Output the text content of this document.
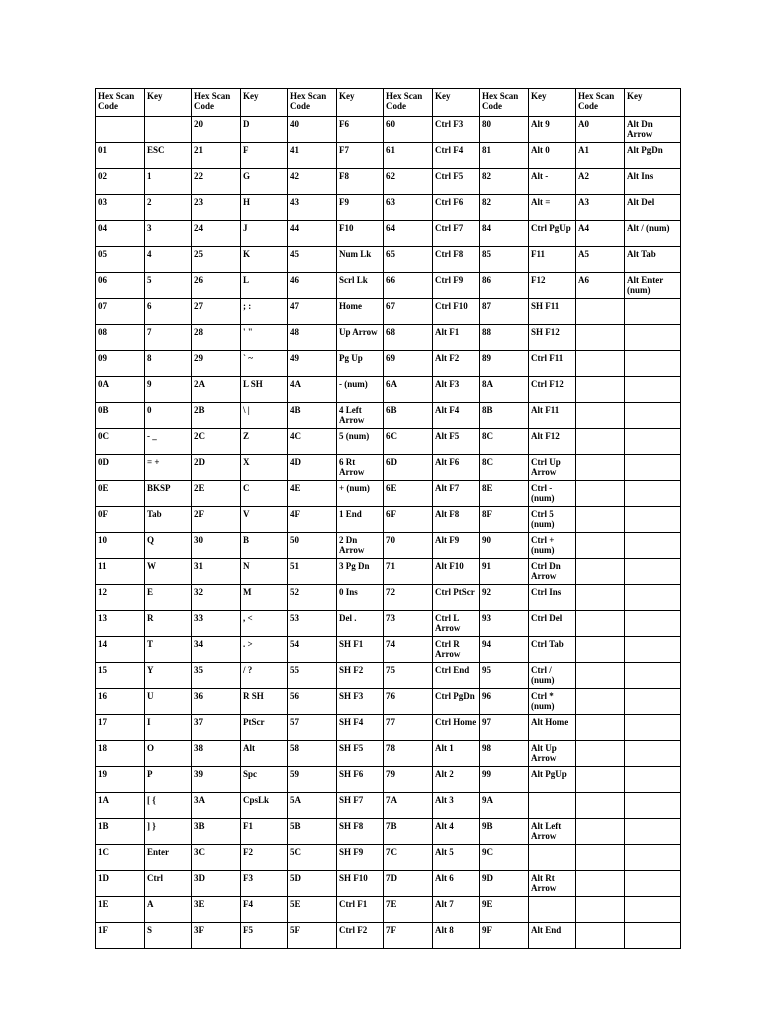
Hex Scan Code	Key	Hex Scan Code	Key	Hex Scan Code	Key	Hex Scan Code	Key	Hex Scan Code	Key	Hex Scan Code	Key
		20	D	40	F6	60	Ctrl F3	80	Alt 9	A0	Alt Dn Arrow
01	ESC	21	F	41	F7	61	Ctrl F4	81	Alt 0	A1	Alt PgDn
02	1	22	G	42	F8	62	Ctrl F5	82	Alt -	A2	Alt Ins
03	2	23	H	43	F9	63	Ctrl F6	82	Alt =	A3	Alt Del
04	3	24	J	44	F10	64	Ctrl F7	84	Ctrl PgUp	A4	Alt / (num)
05	4	25	K	45	Num Lk	65	Ctrl F8	85	F11	A5	Alt Tab
06	5	26	L	46	Scrl Lk	66	Ctrl F9	86	F12	A6	Alt Enter (num)
07	6	27	; :	47	Home	67	Ctrl F10	87	SH F11		
08	7	28	' "	48	Up Arrow	68	Alt F1	88	SH F12		
09	8	29	` ~	49	Pg Up	69	Alt F2	89	Ctrl F11		
0A	9	2A	L SH	4A	- (num)	6A	Alt F3	8A	Ctrl F12		
0B	0	2B	\ |	4B	4 Left Arrow	6B	Alt F4	8B	Alt F11		
0C	- _	2C	Z	4C	5 (num)	6C	Alt F5	8C	Alt F12		
0D	= +	2D	X	4D	6 Rt Arrow	6D	Alt F6	8C	Ctrl Up Arrow		
0E	BKSP	2E	C	4E	+ (num)	6E	Alt F7	8E	Ctrl - (num)		
0F	Tab	2F	V	4F	1 End	6F	Alt F8	8F	Ctrl 5 (num)		
10	Q	30	B	50	2 Dn Arrow	70	Alt F9	90	Ctrl + (num)		
11	W	31	N	51	3 Pg Dn	71	Alt F10	91	Ctrl Dn Arrow		
12	E	32	M	52	0 Ins	72	Ctrl PtScr	92	Ctrl Ins		
13	R	33	, <	53	Del .	73	Ctrl L Arrow	93	Ctrl Del		
14	T	34	. >	54	SH F1	74	Ctrl R Arrow	94	Ctrl Tab		
15	Y	35	/ ?	55	SH F2	75	Ctrl End	95	Ctrl / (num)		
16	U	36	R SH	56	SH F3	76	Ctrl PgDn	96	Ctrl * (num)		
17	I	37	PtScr	57	SH F4	77	Ctrl Home	97	Alt Home		
18	O	38	Alt	58	SH F5	78	Alt 1	98	Alt Up Arrow		
19	P	39	Spc	59	SH F6	79	Alt 2	99	Alt PgUp		
1A	[ {	3A	CpsLk	5A	SH F7	7A	Alt 3	9A			
1B	] }	3B	F1	5B	SH F8	7B	Alt 4	9B	Alt Left Arrow		
1C	Enter	3C	F2	5C	SH F9	7C	Alt 5	9C			
1D	Ctrl	3D	F3	5D	SH F10	7D	Alt 6	9D	Alt Rt Arrow		
1E	A	3E	F4	5E	Ctrl F1	7E	Alt 7	9E			
1F	S	3F	F5	5F	Ctrl F2	7F	Alt 8	9F	Alt End		
